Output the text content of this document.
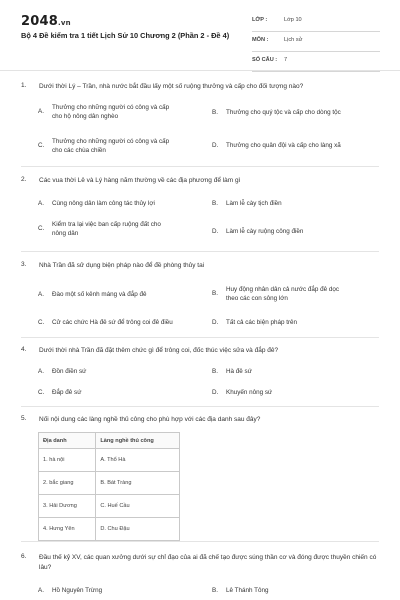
2048.vn
Bộ 4 Đề kiểm tra 1 tiết Lịch Sử 10 Chương 2 (Phần 2 - Đề 4)
LỚP :	Lớp 10
MÔN :	Lịch sử
SỐ CÂU : 7
1. Dưới thời Lý – Trần, nhà nước bắt đầu lấy một số ruộng thưởng và cấp cho đối tượng nào?
A.
Thưởng cho những người có công và cấp
cho hộ nông dân nghèo
B. Thưởng cho quý tộc và cấp cho dòng tộc
C.
Thưởng cho những người có công và cấp
cho các chùa chiền
D. Thưởng cho quân đội và cấp cho làng xã
2. Các vua thời Lê và Lý hàng năm thường về các địa phương để làm gì
A. Cùng nông dân làm công tác thủy lợi	B. Làm lễ cày tịch điền
C.
Kiểm tra lại việc ban cấp ruộng đất cho
nông dân	D. Làm lễ cày ruộng công điền
3. Nhà Trần đã sử dụng biện pháp nào để đề phòng thủy tai
A. Đào một số kênh máng và đắp đê	B.
Huy động nhân dân cả nước đắp đê dọc
theo các con sông lớn
C. Cử các chức Hà đê sứ để trông coi đê điều	D. Tất cả các biện pháp trên
4. Dưới thời nhà Trần đã đặt thêm chức gì để trông coi, đốc thúc việc sửa và đắp đê?
A. Đồn điền sứ	B. Hà đê sứ
C. Đắp đê sứ	D. Khuyến nông sứ
5. Nối nội dung các làng nghề thủ công cho phù hợp với các địa danh sau đây?
Địa danh	Làng nghề thủ công
1. hà nội	A. Thổ Hà
2. bắc giang	B. Bát Tràng
3. Hải Dương	C. Huế Cầu
4. Hưng Yên	D. Chu Đậu
6. Đầu thế kỷ XV, các quan xưởng dưới sự chỉ đạo của ai đã chế tạo được súng thần cơ và đóng được thuyền chiến có lâu?
A. Hồ Nguyên Trừng	B. Lê Thánh Tông
